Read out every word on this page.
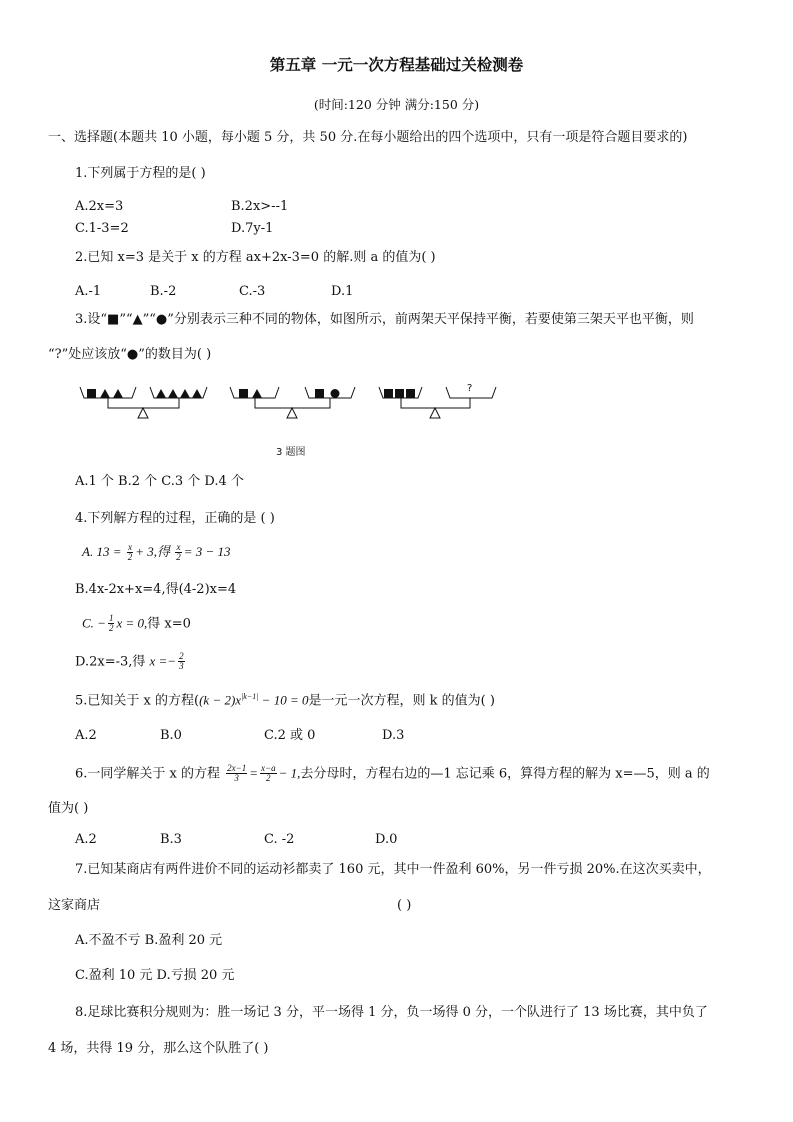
第五章 一元一次方程基础过关检测卷
(时间:120 分钟 满分:150 分)
一、选择题(本题共 10 小题，每小题 5 分，共 50 分.在每小题给出的四个选项中，只有一项是符合题目要求的)
1.下列属于方程的是( )
A.2x=3	B.2x>--1
C.1-3=2	D.7y-1
2.已知 x=3 是关于 x 的方程 ax+2x-3=0 的解.则 a 的值为( )
A.-1	B.-2	C.-3	D.1
3.设“■”“▲”“●”分别表示三种不同的物体，如图所示，前两架天平保持平衡，若要使第三架天平也平衡，则
“?”处应该放“●”的数目为( )
?
3 题图
A.1 个 B.2 个 C.3 个 D.4 个
4.下列解方程的过程，正确的是 ( )
A. $13 = \frac{x}{2} + 3$,得 $\frac{x}{2} = 3 - 13$
B.4x-2x+x=4,得(4-2)x=4
C. − $\frac{1}{2}$ x = 0,得 x=0
D.2x=-3,得 $x =- \frac{2}{3}$
5.已知关于 x 的方程($(k - 2)x^{|k-1|} - 10 = 0$是一元一次方程，则 k 的值为( )
A.2	B.0	C.2 或 0	D.3
6.一同学解关于 x 的方程 $\frac{2x-1}{3} = \frac{x-a}{2} - 1$,去分母时，方程右边的—1 忘记乘 6，算得方程的解为 x=—5，则 a 的
值为( )
A.2	B.3	C. -2	D.0
7.已知某商店有两件进价不同的运动衫都卖了 160 元，其中一件盈利 60%，另一件亏损 20%.在这次买卖中，
这家商店	( )
A.不盈不亏 B.盈利 20 元
C.盈利 10 元 D.亏损 20 元
8.足球比赛积分规则为：胜一场记 3 分，平一场得 1 分，负一场得 0 分，一个队进行了 13 场比赛，其中负了
4 场，共得 19 分，那么这个队胜了( )
